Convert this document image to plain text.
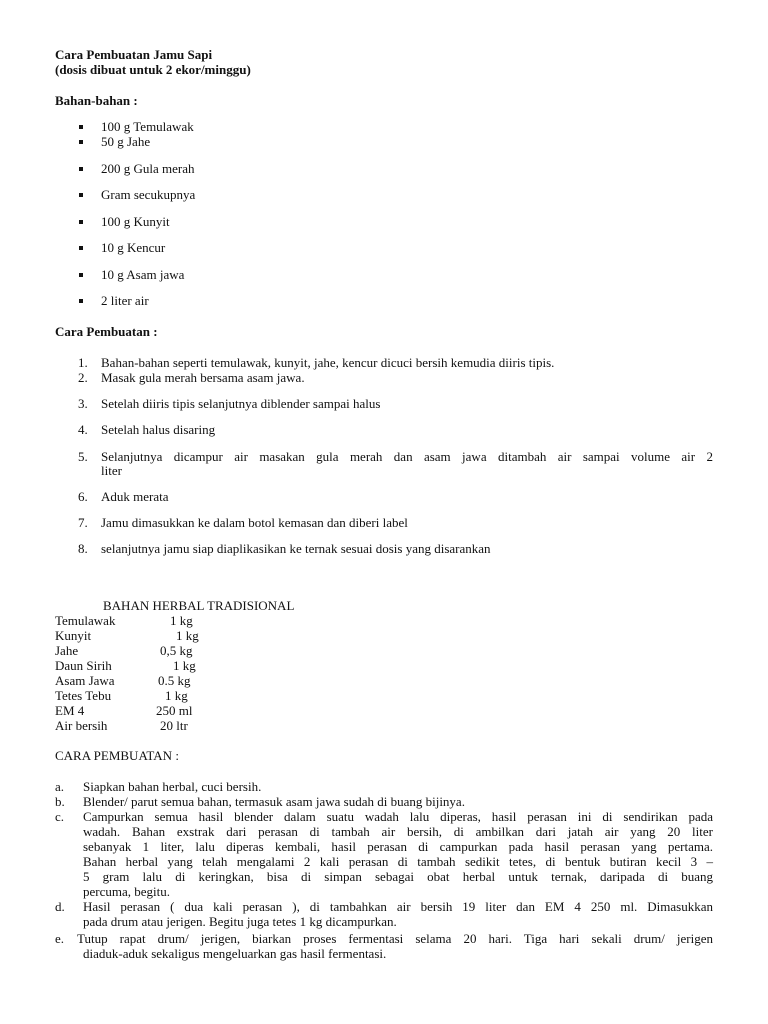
Cara Pembuatan Jamu Sapi
(dosis dibuat untuk 2 ekor/minggu)
Bahan-bahan :
100 g Temulawak
50 g Jahe
200 g Gula merah
Gram secukupnya
100 g Kunyit
10 g Kencur
10 g Asam jawa
2 liter air
Cara Pembuatan :
1. Bahan-bahan seperti temulawak, kunyit, jahe, kencur dicuci bersih kemudia diiris tipis.
2. Masak gula merah bersama asam jawa.
3. Setelah diiris tipis selanjutnya diblender sampai halus
4. Setelah halus disaring
5. Selanjutnya dicampur air masakan gula merah dan asam jawa ditambah air sampai volume air 2
liter
6. Aduk merata
7. Jamu dimasukkan ke dalam botol kemasan dan diberi label
8. selanjutnya jamu siap diaplikasikan ke ternak sesuai dosis yang disarankan
BAHAN HERBAL TRADISIONAL
Temulawak	1 kg
Kunyit	1 kg
Jahe	0,5 kg
Daun Sirih	1 kg
Asam Jawa	0.5 kg
Tetes Tebu	1 kg
EM 4	250 ml
Air bersih	20 ltr
CARA PEMBUATAN :
a. Siapkan bahan herbal, cuci bersih.
b. Blender/ parut semua bahan, termasuk asam jawa sudah di buang bijinya.
c. Campurkan semua hasil blender dalam suatu wadah lalu diperas, hasil perasan ini di sendirikan pada
wadah. Bahan exstrak dari perasan di tambah air bersih, di ambilkan dari jatah air yang 20 liter
sebanyak 1 liter, lalu diperas kembali, hasil perasan di campurkan pada hasil perasan yang pertama.
Bahan herbal yang telah mengalami 2 kali perasan di tambah sedikit tetes, di bentuk butiran kecil 3 –
5 gram lalu di keringkan, bisa di simpan sebagai obat herbal untuk ternak, daripada di buang
percuma, begitu.
d. Hasil perasan ( dua kali perasan ), di tambahkan air bersih 19 liter dan EM 4 250 ml. Dimasukkan
pada drum atau jerigen. Begitu juga tetes 1 kg dicampurkan.
e. Tutup rapat drum/ jerigen, biarkan proses fermentasi selama 20 hari. Tiga hari sekali drum/ jerigen
diaduk-aduk sekaligus mengeluarkan gas hasil fermentasi.
